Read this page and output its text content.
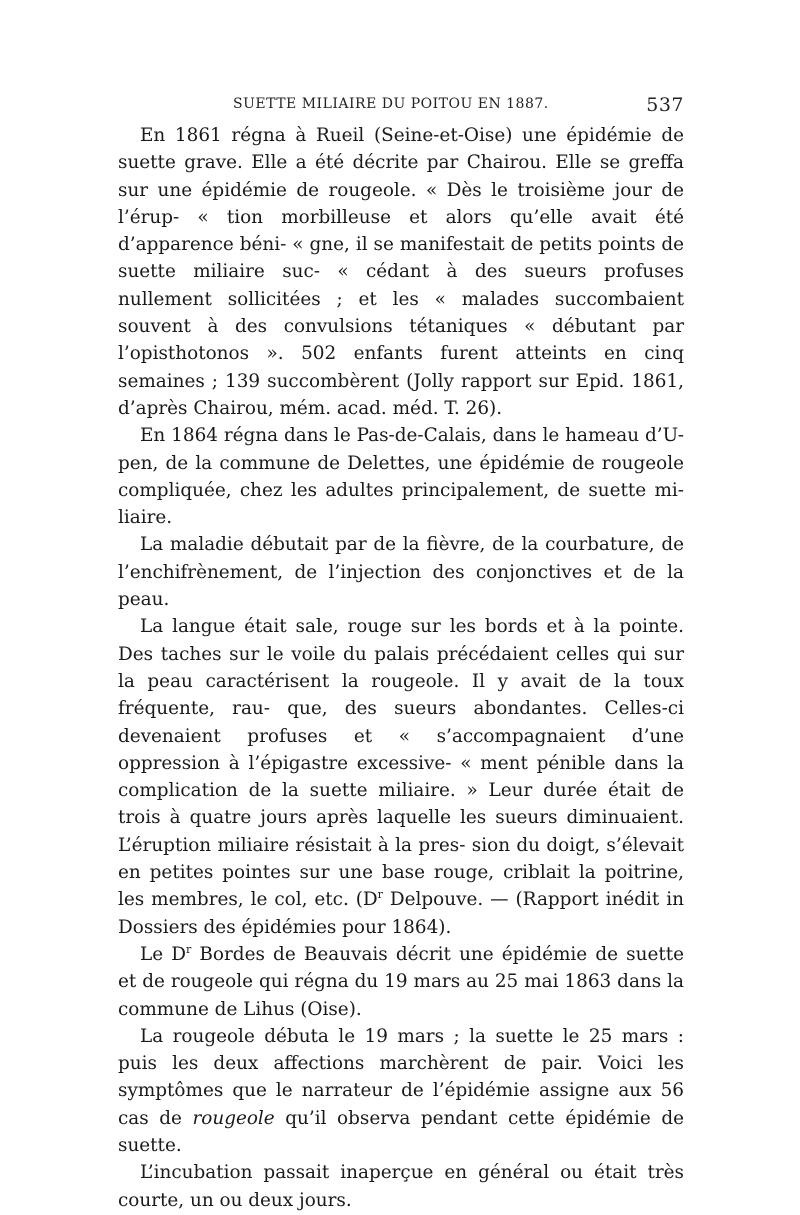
SUETTE MILIAIRE DU POITOU EN 1887.	537

En 1861 régna à Rueil (Seine-et-Oise) une épidémie de suette grave. Elle a été décrite par Chairou. Elle se greffa sur une épidémie de rougeole. « Dès le troisième jour de l’érup- « tion morbilleuse et alors qu’elle avait été d’apparence béni- « gne, il se manifestait de petits points de suette miliaire suc- « cédant à des sueurs profuses nullement sollicitées ; et les « malades succombaient souvent à des convulsions tétaniques « débutant par l’opisthotonos ». 502 enfants furent atteints en cinq semaines ; 139 succombèrent (Jolly rapport sur Epid. 1861, d’après Chairou, mém. acad. méd. T. 26).

En 1864 régna dans le Pas-de-Calais, dans le hameau d’U- pen, de la commune de Delettes, une épidémie de rougeole compliquée, chez les adultes principalement, de suette mi- liaire.

La maladie débutait par de la fièvre, de la courbature, de l’enchifrènement, de l’injection des conjonctives et de la peau.

La langue était sale, rouge sur les bords et à la pointe. Des taches sur le voile du palais précédaient celles qui sur la peau caractérisent la rougeole. Il y avait de la toux fréquente, rau- que, des sueurs abondantes. Celles-ci devenaient profuses et « s’accompagnaient d’une oppression à l’épigastre excessive- « ment pénible dans la complication de la suette miliaire. » Leur durée était de trois à quatre jours après laquelle les sueurs diminuaient. L’éruption miliaire résistait à la pres- sion du doigt, s’élevait en petites pointes sur une base rouge, criblait la poitrine, les membres, le col, etc. ($D^r$ Delpouve. — (Rapport inédit in Dossiers des épidémies pour 1864).

Le $D^r$ Bordes de Beauvais décrit une épidémie de suette et de rougeole qui régna du 19 mars au 25 mai 1863 dans la commune de Lihus (Oise).

La rougeole débuta le 19 mars ; la suette le 25 mars : puis les deux affections marchèrent de pair. Voici les symptômes que le narrateur de l’épidémie assigne aux 56 cas de rougeole qu’il observa pendant cette épidémie de suette.

L’incubation passait inaperçue en général ou était très courte, un ou deux jours.
